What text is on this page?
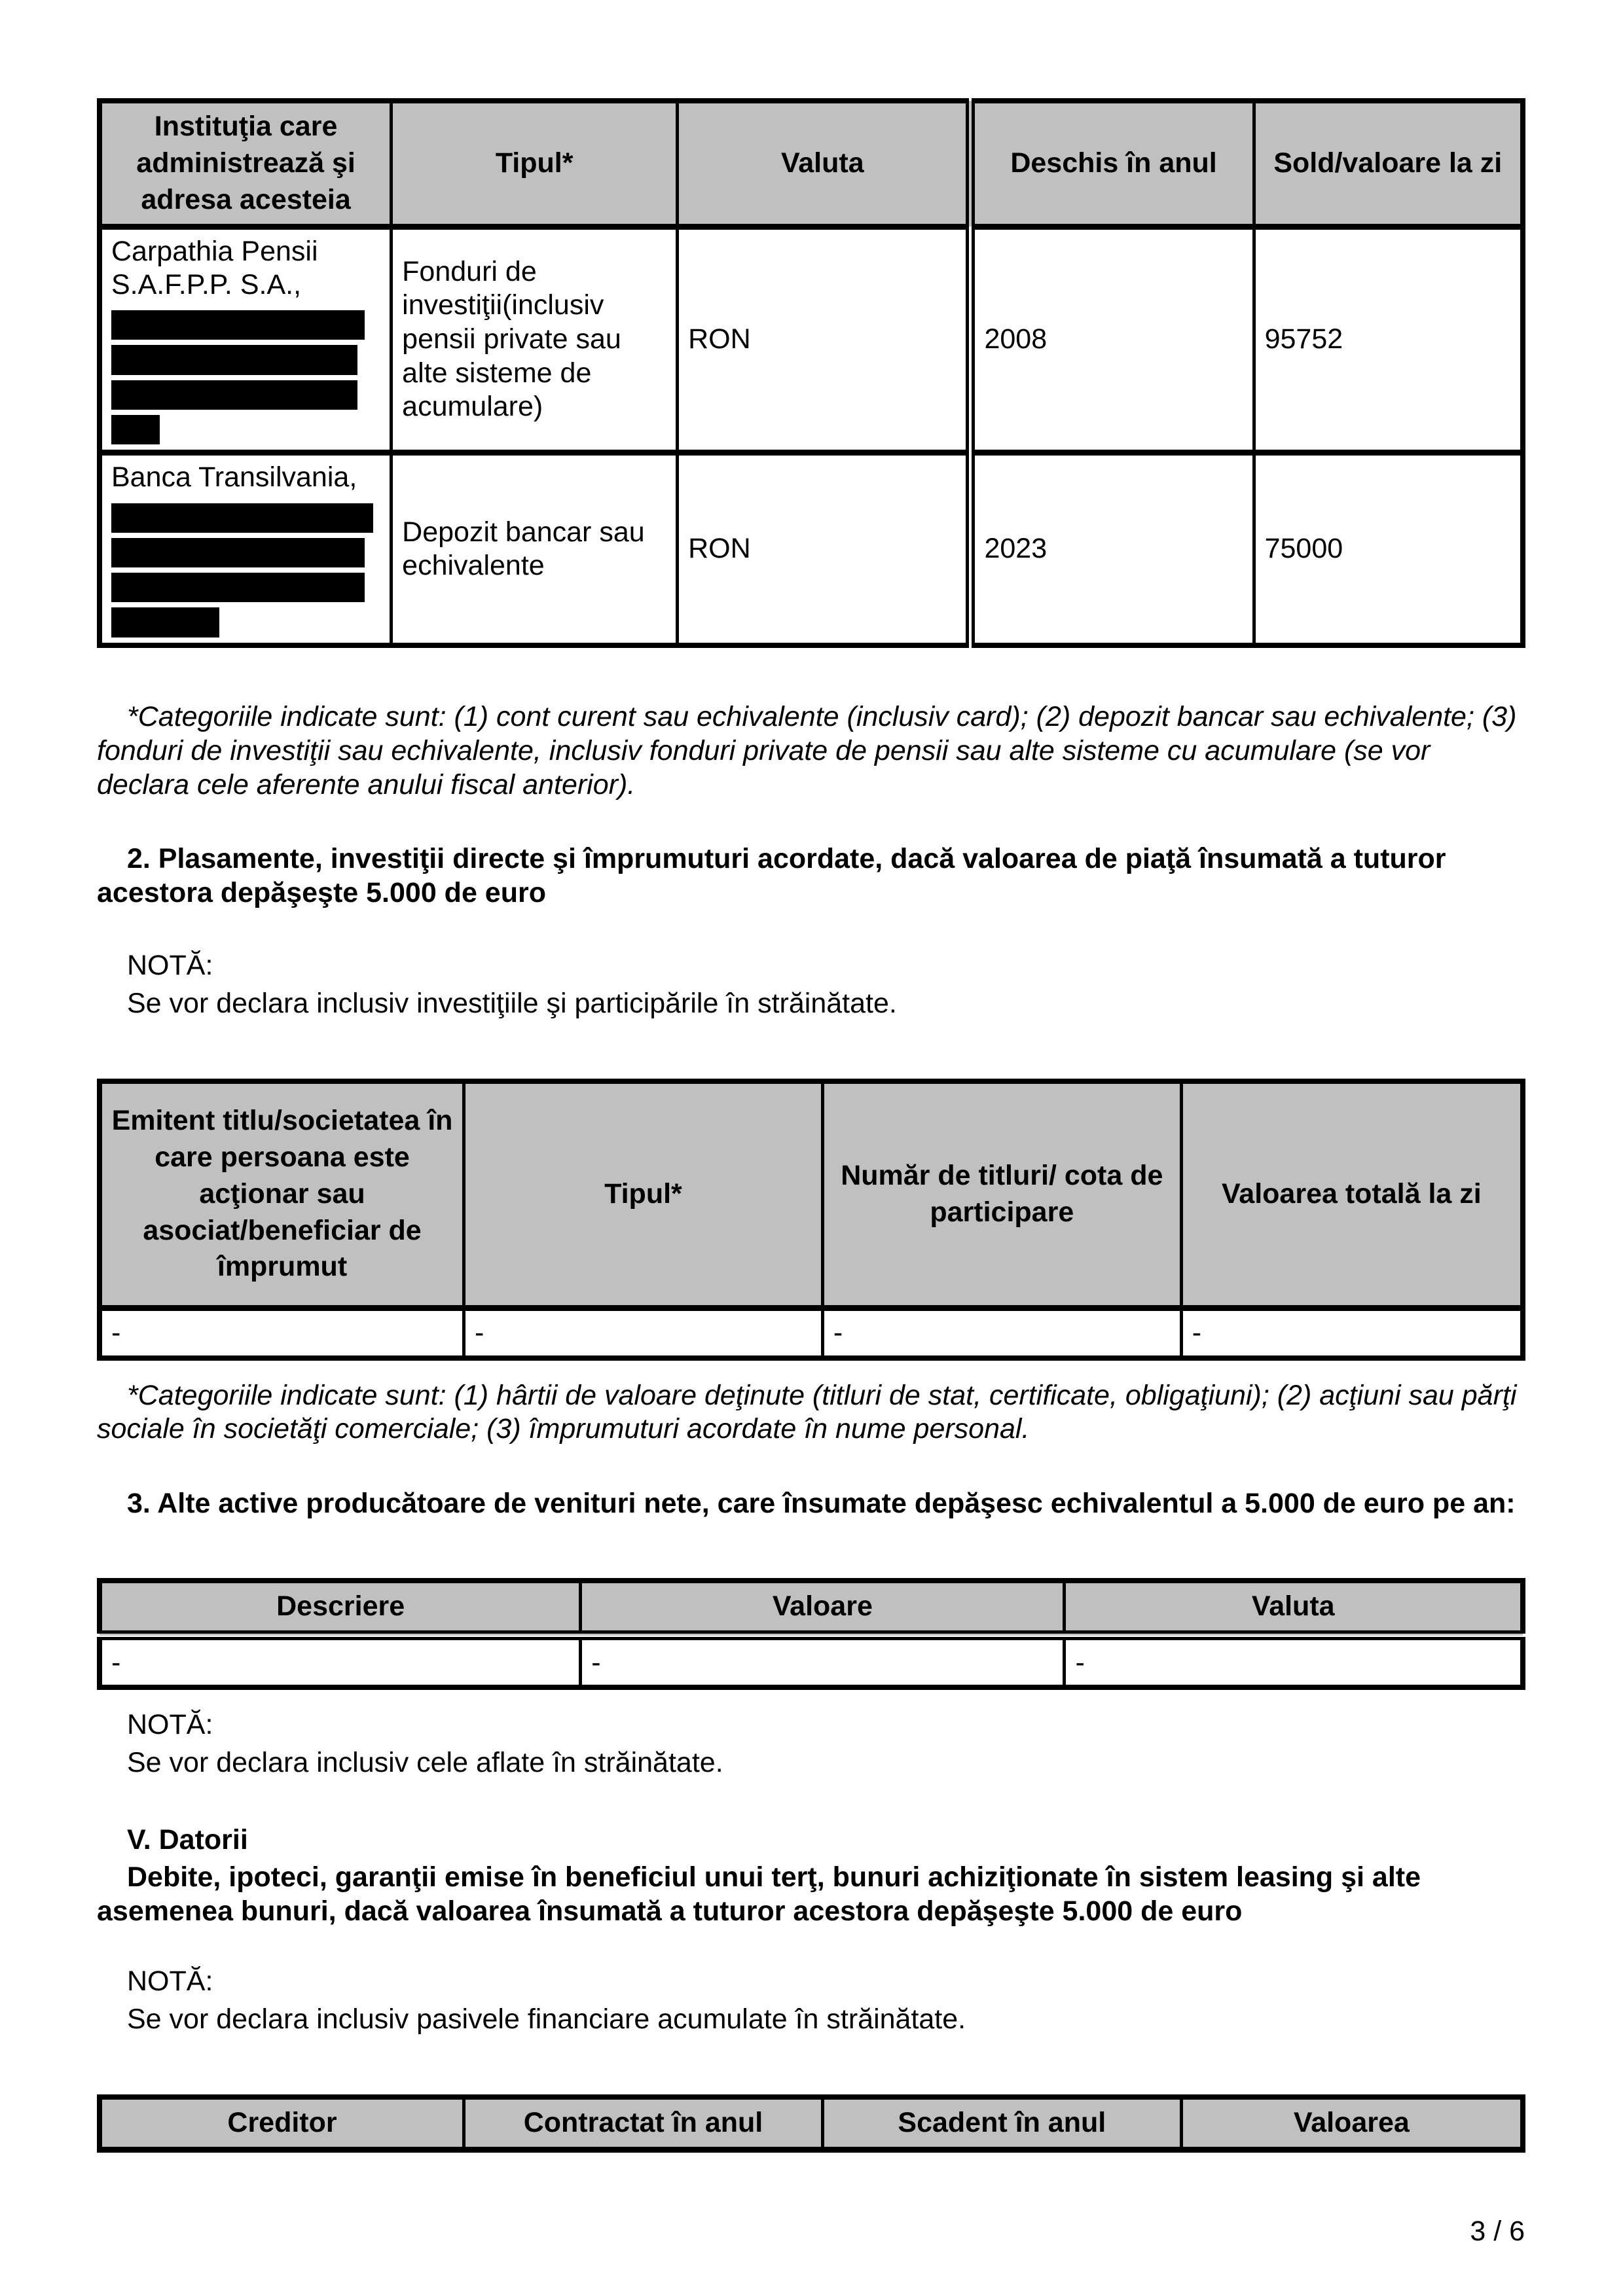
Instituţia care administrează şi adresa acesteia	Tipul*	Valuta	Deschis în anul	Sold/valoare la zi

Carpathia Pensii S.A.F.P.P. S.A.,	Fonduri de investiţii(inclusiv pensii private sau alte sisteme de acumulare)	RON	2008	95752

Banca Transilvania,	Depozit bancar sau echivalente	RON	2023	75000
*Categoriile indicate sunt: (1) cont curent sau echivalente (inclusiv card); (2) depozit bancar sau echivalente; (3) fonduri de investiţii sau echivalente, inclusiv fonduri private de pensii sau alte sisteme cu acumulare (se vor declara cele aferente anului fiscal anterior).
2. Plasamente, investiţii directe şi împrumuturi acordate, dacă valoarea de piaţă însumată a tuturor acestora depăşeşte 5.000 de euro
NOTĂ:
Se vor declara inclusiv investiţiile şi participările în străinătate.
Emitent titlu/societatea în care persoana este acţionar sau asociat/beneficiar de împrumut	Tipul*	Număr de titluri/ cota de participare	Valoarea totală la zi
-	-	-	-
*Categoriile indicate sunt: (1) hârtii de valoare deţinute (titluri de stat, certificate, obligaţiuni); (2) acţiuni sau părţi sociale în societăţi comerciale; (3) împrumuturi acordate în nume personal.
3. Alte active producătoare de venituri nete, care însumate depăşesc echivalentul a 5.000 de euro pe an:
Descriere	Valoare	Valuta
-	-	-
NOTĂ:
Se vor declara inclusiv cele aflate în străinătate.
V. Datorii
Debite, ipoteci, garanţii emise în beneficiul unui terţ, bunuri achiziţionate în sistem leasing şi alte asemenea bunuri, dacă valoarea însumată a tuturor acestora depăşeşte 5.000 de euro
NOTĂ:
Se vor declara inclusiv pasivele financiare acumulate în străinătate.
Creditor	Contractat în anul	Scadent în anul	Valoarea
3 / 6
